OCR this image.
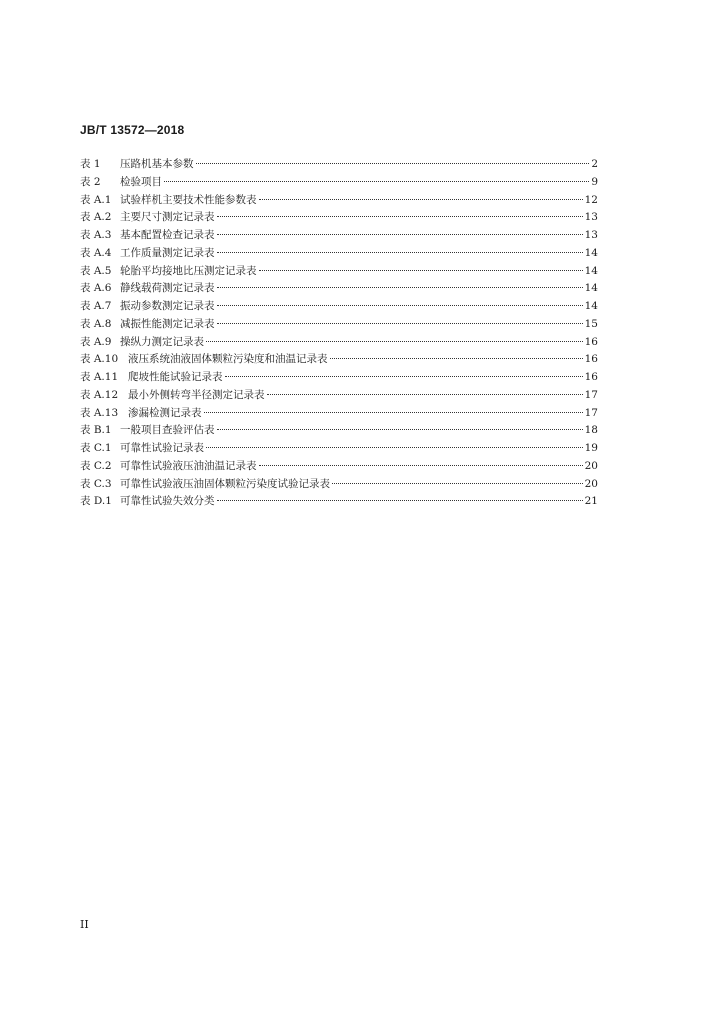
JB/T 13572—2018
表 1	压路机基本参数	2
表 2	检验项目	9
表 A.1 试验样机主要技术性能参数表	12
表 A.2 主要尺寸测定记录表	13
表 A.3 基本配置检查记录表	13
表 A.4 工作质量测定记录表	14
表 A.5 轮胎平均接地比压测定记录表	14
表 A.6 静线载荷测定记录表	14
表 A.7 振动参数测定记录表	14
表 A.8 减振性能测定记录表	15
表 A.9 操纵力测定记录表	16
表 A.10 液压系统油液固体颗粒污染度和油温记录表	16
表 A.11 爬坡性能试验记录表	16
表 A.12 最小外侧转弯半径测定记录表	17
表 A.13 渗漏检测记录表	17
表 B.1 一般项目查验评估表	18
表 C.1 可靠性试验记录表	19
表 C.2 可靠性试验液压油油温记录表	20
表 C.3 可靠性试验液压油固体颗粒污染度试验记录表	20
表 D.1 可靠性试验失效分类	21
II
